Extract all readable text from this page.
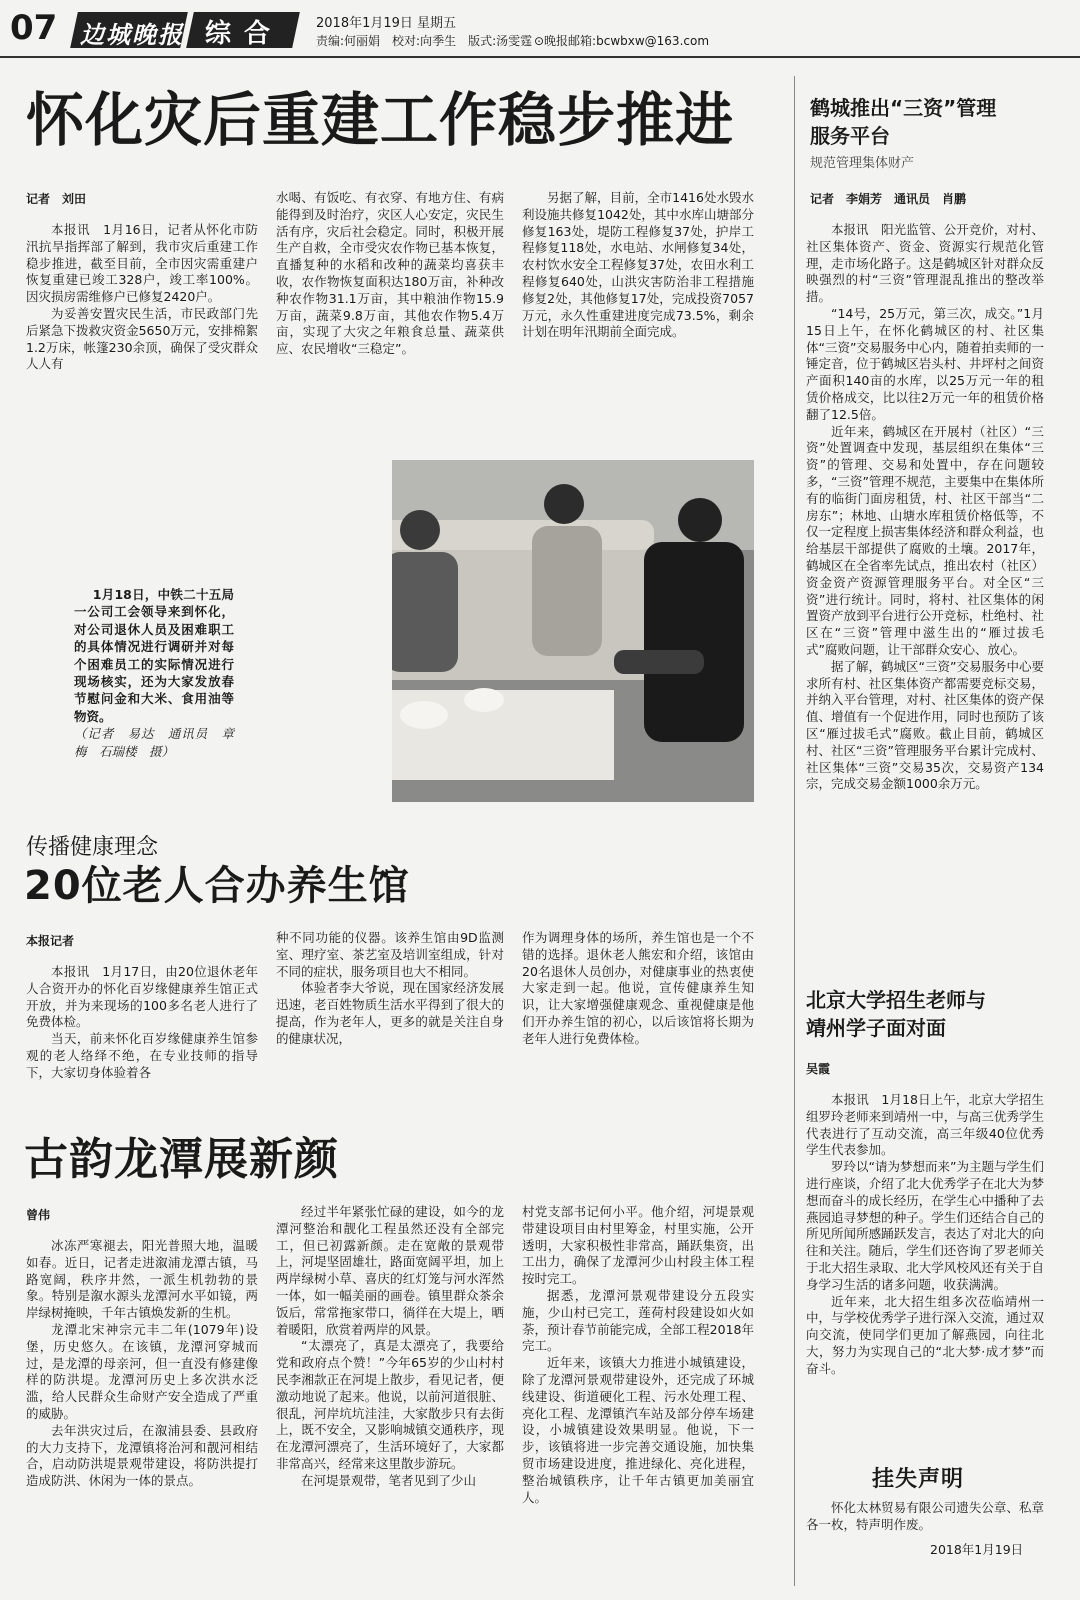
07 边城晚报 综 合	2018年1月19日 星期五
责编:何丽娟　校对:向季生　版式:汤雯霆 ⊙晚报邮箱:bcwbxw@163.com
怀化灾后重建工作稳步推进
记者　刘田

本报讯　1月16日，记者从怀化市防汛抗旱指挥部了解到，我市灾后重建工作稳步推进，截至目前，全市因灾需重建户恢复重建已竣工328户，竣工率100%。因灾损房需维修户已修复2420户。

为妥善安置灾民生活，市民政部门先后紧急下拨救灾资金5650万元，安排棉絮1.2万床，帐篷230余顶，确保了受灾群众人人有

水喝、有饭吃、有衣穿、有地方住、有病能得到及时治疗，灾区人心安定，灾民生活有序，灾后社会稳定。同时，积极开展生产自救，全市受灾农作物已基本恢复，直播复种的水稻和改种的蔬菜均喜获丰收，农作物恢复面积达180万亩，补种改种农作物31.1万亩，其中粮油作物15.9万亩，蔬菜9.8万亩，其他农作物5.4万亩，实现了大灾之年粮食总量、蔬菜供应、农民增收“三稳定”。

另据了解，目前，全市1416处水毁水利设施共修复1042处，其中水库山塘部分修复163处，堤防工程修复37处，护岸工程修复118处，水电站、水闸修复34处，农村饮水安全工程修复37处，农田水利工程修复640处，山洪灾害防治非工程措施修复2处，其他修复17处，完成投资7057万元，永久性重建进度完成73.5%，剩余计划在明年汛期前全面完成。

1月18日，中铁二十五局一公司工会领导来到怀化，对公司退休人员及困难职工的具体情况进行调研并对每个困难员工的实际情况进行现场核实，还为大家发放春节慰问金和大米、食用油等物资。

（记者　易达　通讯员　章梅　石瑞楼　摄）

传播健康理念
20位老人合办养生馆
本报记者

本报讯　1月17日，由20位退休老年人合资开办的怀化百岁缘健康养生馆正式开放，并为来现场的100多名老人进行了免费体检。

当天，前来怀化百岁缘健康养生馆参观的老人络绎不绝，在专业技师的指导下，大家切身体验着各

种不同功能的仪器。该养生馆由9D监测室、理疗室、茶艺室及培训室组成，针对不同的症状，服务项目也大不相同。

体验者李大爷说，现在国家经济发展迅速，老百姓物质生活水平得到了很大的提高，作为老年人，更多的就是关注自身的健康状况，

作为调理身体的场所，养生馆也是一个不错的选择。退休老人熊宏和介绍，该馆由20名退休人员创办，对健康事业的热衷使大家走到一起。他说，宣传健康养生知识，让大家增强健康观念、重视健康是他们开办养生馆的初心，以后该馆将长期为老年人进行免费体检。

古韵龙潭展新颜
曾伟

冰冻严寒褪去，阳光普照大地，温暖如春。近日，记者走进溆浦龙潭古镇，马路宽阔，秩序井然，一派生机勃勃的景象。特别是溆水源头龙潭河水平如镜，两岸绿树掩映，千年古镇焕发新的生机。

龙潭北宋神宗元丰二年(1079年)设堡，历史悠久。在该镇，龙潭河穿城而过，是龙潭的母亲河，但一直没有修建像样的防洪堤。龙潭河历史上多次洪水泛滥，给人民群众生命财产安全造成了严重的威胁。

去年洪灾过后，在溆浦县委、县政府的大力支持下，龙潭镇将治河和靓河相结合，启动防洪堤景观带建设，将防洪提打造成防洪、休闲为一体的景点。

经过半年紧张忙碌的建设，如今的龙潭河整治和靓化工程虽然还没有全部完工，但已初露新颜。走在宽敞的景观带上，河堤坚固雄壮，路面宽阔平坦，加上两岸绿树小草、喜庆的红灯笼与河水浑然一体，如一幅美丽的画卷。镇里群众茶余饭后，常常拖家带口，徜徉在大堤上，晒着暖阳，欣赏着两岸的风景。

“太漂亮了，真是太漂亮了，我要给党和政府点个赞！”今年65岁的少山村村民李湘款正在河堤上散步，看见记者，便激动地说了起来。他说，以前河道很脏、很乱，河岸坑坑洼洼，大家散步只有去街上，既不安全，又影响城镇交通秩序，现在龙潭河漂亮了，生活环境好了，大家都非常高兴，经常来这里散步游玩。

在河堤景观带，笔者见到了少山

村党支部书记何小平。他介绍，河堤景观带建设项目由村里筹金，村里实施，公开透明，大家积极性非常高，踊跃集资，出工出力，确保了龙潭河少山村段主体工程按时完工。

据悉，龙潭河景观带建设分五段实施，少山村已完工，莲荷村段建设如火如荼，预计春节前能完成，全部工程2018年完工。

近年来，该镇大力推进小城镇建设，除了龙潭河景观带建设外，还完成了环城线建设、街道硬化工程、污水处理工程、亮化工程、龙潭镇汽车站及部分停车场建设，小城镇建设效果明显。他说，下一步，该镇将进一步完善交通设施，加快集贸市场建设进度，推进绿化、亮化进程，整治城镇秩序，让千年古镇更加美丽宜人。

鹤城推出“三资”管理服务平台
规范管理集体财产
记者　李娟芳　通讯员　肖鹏

本报讯　阳光监管、公开竞价，对村、社区集体资产、资金、资源实行规范化管理，走市场化路子。这是鹤城区针对群众反映强烈的村“三资”管理混乱推出的整改举措。

“14号，25万元，第三次，成交。”1月15日上午，在怀化鹤城区的村、社区集体“三资”交易服务中心内，随着拍卖师的一锤定音，位于鹤城区岩头村、井坪村之间资产面积140亩的水库，以25万元一年的租赁价格成交，比以往2万元一年的租赁价格翻了12.5倍。

近年来，鹤城区在开展村（社区）“三资”处置调查中发现，基层组织在集体“三资”的管理、交易和处置中，存在问题较多，“三资”管理不规范，主要集中在集体所有的临街门面房租赁，村、社区干部当“二房东”；林地、山塘水库租赁价格低等，不仅一定程度上损害集体经济和群众利益，也给基层干部提供了腐败的土壤。2017年，鹤城区在全省率先试点，推出农村（社区）资金资产资源管理服务平台。对全区“三资”进行统计。同时，将村、社区集体的闲置资产放到平台进行公开竞标，杜绝村、社区在“三资”管理中滋生出的“雁过拔毛式”腐败问题，让干部群众安心、放心。

据了解，鹤城区“三资”交易服务中心要求所有村、社区集体资产都需要竞标交易，并纳入平台管理，对村、社区集体的资产保值、增值有一个促进作用，同时也预防了该区“雁过拔毛式”腐败。截止目前，鹤城区村、社区“三资”管理服务平台累计完成村、社区集体“三资”交易35次，交易资产134宗，完成交易金额1000余万元。

北京大学招生老师与靖州学子面对面
吴霞

本报讯　1月18日上午，北京大学招生组罗玲老师来到靖州一中，与高三优秀学生代表进行了互动交流，高三年级40位优秀学生代表参加。

罗玲以“请为梦想而来”为主题与学生们进行座谈，介绍了北大优秀学子在北大为梦想而奋斗的成长经历，在学生心中播种了去燕园追寻梦想的种子。学生们还结合自己的所见所闻所感踊跃发言，表达了对北大的向往和关注。随后，学生们还咨询了罗老师关于北大招生录取、北大学风校风还有关于自身学习生活的诸多问题，收获满满。

近年来，北大招生组多次莅临靖州一中，与学校优秀学子进行深入交流，通过双向交流，使同学们更加了解燕园，向往北大，努力为实现自己的“北大梦·成才梦”而奋斗。

挂失声明

怀化太林贸易有限公司遗失公章、私章各一枚，特声明作废。

2018年1月19日
